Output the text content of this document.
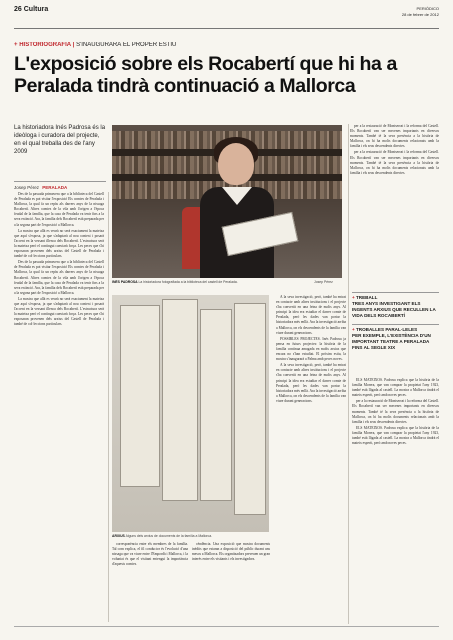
26 Cultura	PERIÒDICO
28 de febrer de 2012
+ HISTORIOGRAFIA | S'INAUGURARÀ EL PROPER ESTIU
L'exposició sobre els Rocabertí que hi ha a Peralada tindrà continuació a Mallorca
La historiadora Inés Padrosa és la ideòloga i curadora del projecte, en el qual treballa des de l'any 2009
Josep Pérez PERALADA

Des de la passada primavera que a la biblioteca del Castell de Peralada es pot visitar l'exposició Els comtes de Peralada i Mallorca, la qual fa un repàs als darrers anys de la nissaga Rocabertí. Altres comtes de la vila amb l'origen a l'època feudal de la família, que la casa de Peralada va tenir fins a la seva extinció. Ara, la família dels Rocabertí està preparada per a la segona part de l'exposició a Mallorca.

La mostra que allà es veurà no serà exactament la mateixa que aquí s'exposa, ja que s'adaptarà al nou context i posarà l'accent en la vessant illenca dels Rocabertí. L'estructura serà la mateixa però el contingut canviarà força. Les peces que s'hi exposaran provenen dels arxius del Castell de Peralada i també de col·leccions particulars.

Des de la passada primavera que a la biblioteca del Castell de Peralada es pot visitar l'exposició Els comtes de Peralada i Mallorca, la qual fa un repàs als darrers anys de la nissaga Rocabertí. Altres comtes de la vila amb l'origen a l'època feudal de la família, que la casa de Peralada va tenir fins a la seva extinció. Ara, la família dels Rocabertí està preparada per a la segona part de l'exposició a Mallorca.

La mostra que allà es veurà no serà exactament la mateixa que aquí s'exposa, ja que s'adaptarà al nou context i posarà l'accent en la vessant illenca dels Rocabertí. L'estructura serà la mateixa però el contingut canviarà força. Les peces que s'hi exposaran provenen dels arxius del Castell de Peralada i també de col·leccions particulars.

INÉS PADROSA La historiadora fotografiada a la biblioteca del castell de Peralada.	Josep Pérez

per a la restauració de Montserrat i la reforma del Castell. Els Rocabertí van ser mecenes importants en diversos moments. També té la seva presència a la història de Mallorca, on hi ha molts documents relacionats amb la família i els seus descendents directes.

per a la restauració de Montserrat i la reforma del Castell. Els Rocabertí van ser mecenes importants en diversos moments. També té la seva presència a la història de Mallorca, on hi ha molts documents relacionats amb la família i els seus descendents directes.

A la seva investigació, però, també ha entrat en contacte amb altres institucions i el projecte s'ha convertit en una feina de molts anys. Al principi la idea era estudiar el darrer comte de Peralada, però les dades van portar la historiadora més enllà. Ara la investigació arriba a Mallorca, on els descendents de la família van viure durant generacions.

POSSIBLES PROJECTES. Inés Padrosa ja pensa en futurs projectes: la història de la família continua amagada en molts arxius que encara no s'han estudiat. El pròxim estiu, la mostra s'inaugurarà a Palma amb peces noves.

A la seva investigació, però, també ha entrat en contacte amb altres institucions i el projecte s'ha convertit en una feina de molts anys. Al principi la idea era estudiar el darrer comte de Peralada, però les dades van portar la historiadora més enllà. Ara la investigació arriba a Mallorca, on els descendents de la família van viure durant generacions.

ARXIUS Alguns dels arxius de documents de la família a Mallorca.

corresponència entre els membres de la família. Tal com explica, el fil conductor és l'evolució d'una nissaga que va viure entre l'Empordà i Mallorca, i la voluntat és que el visitant entengui la importància d'aquests comtes.

cèndència. Una exposició que mostra documents inèdits que estaran a disposició del públic durant uns mesos a Mallorca. Els organitzadors preveuen un gran interès entre els visitants i els investigadors.

+ TREBALL
TRES ANYS INVESTIGANT ELS INGENTS ARXIUS QUE RECULLEN LA VIDA DELS ROCABERTÍ
+ TROBALLES PARAL·LELES
PER EXEMPLE, L'EXISTÈNCIA D'UN IMPORTANT TEATRE A PERALADA FINS AL SEGLE XIX

ELS MATEIXOS. Padrosa explica que la història de la família Morera, que van comprar la propietat l'any 1923, també està lligada al castell. La mostra a Mallorca tindrà el mateix esperit, però amb noves peces.

per a la restauració de Montserrat i la reforma del Castell. Els Rocabertí van ser mecenes importants en diversos moments. També té la seva presència a la història de Mallorca, on hi ha molts documents relacionats amb la família i els seus descendents directes.

ELS MATEIXOS. Padrosa explica que la història de la família Morera, que van comprar la propietat l'any 1923, també està lligada al castell. La mostra a Mallorca tindrà el mateix esperit, però amb noves peces.
